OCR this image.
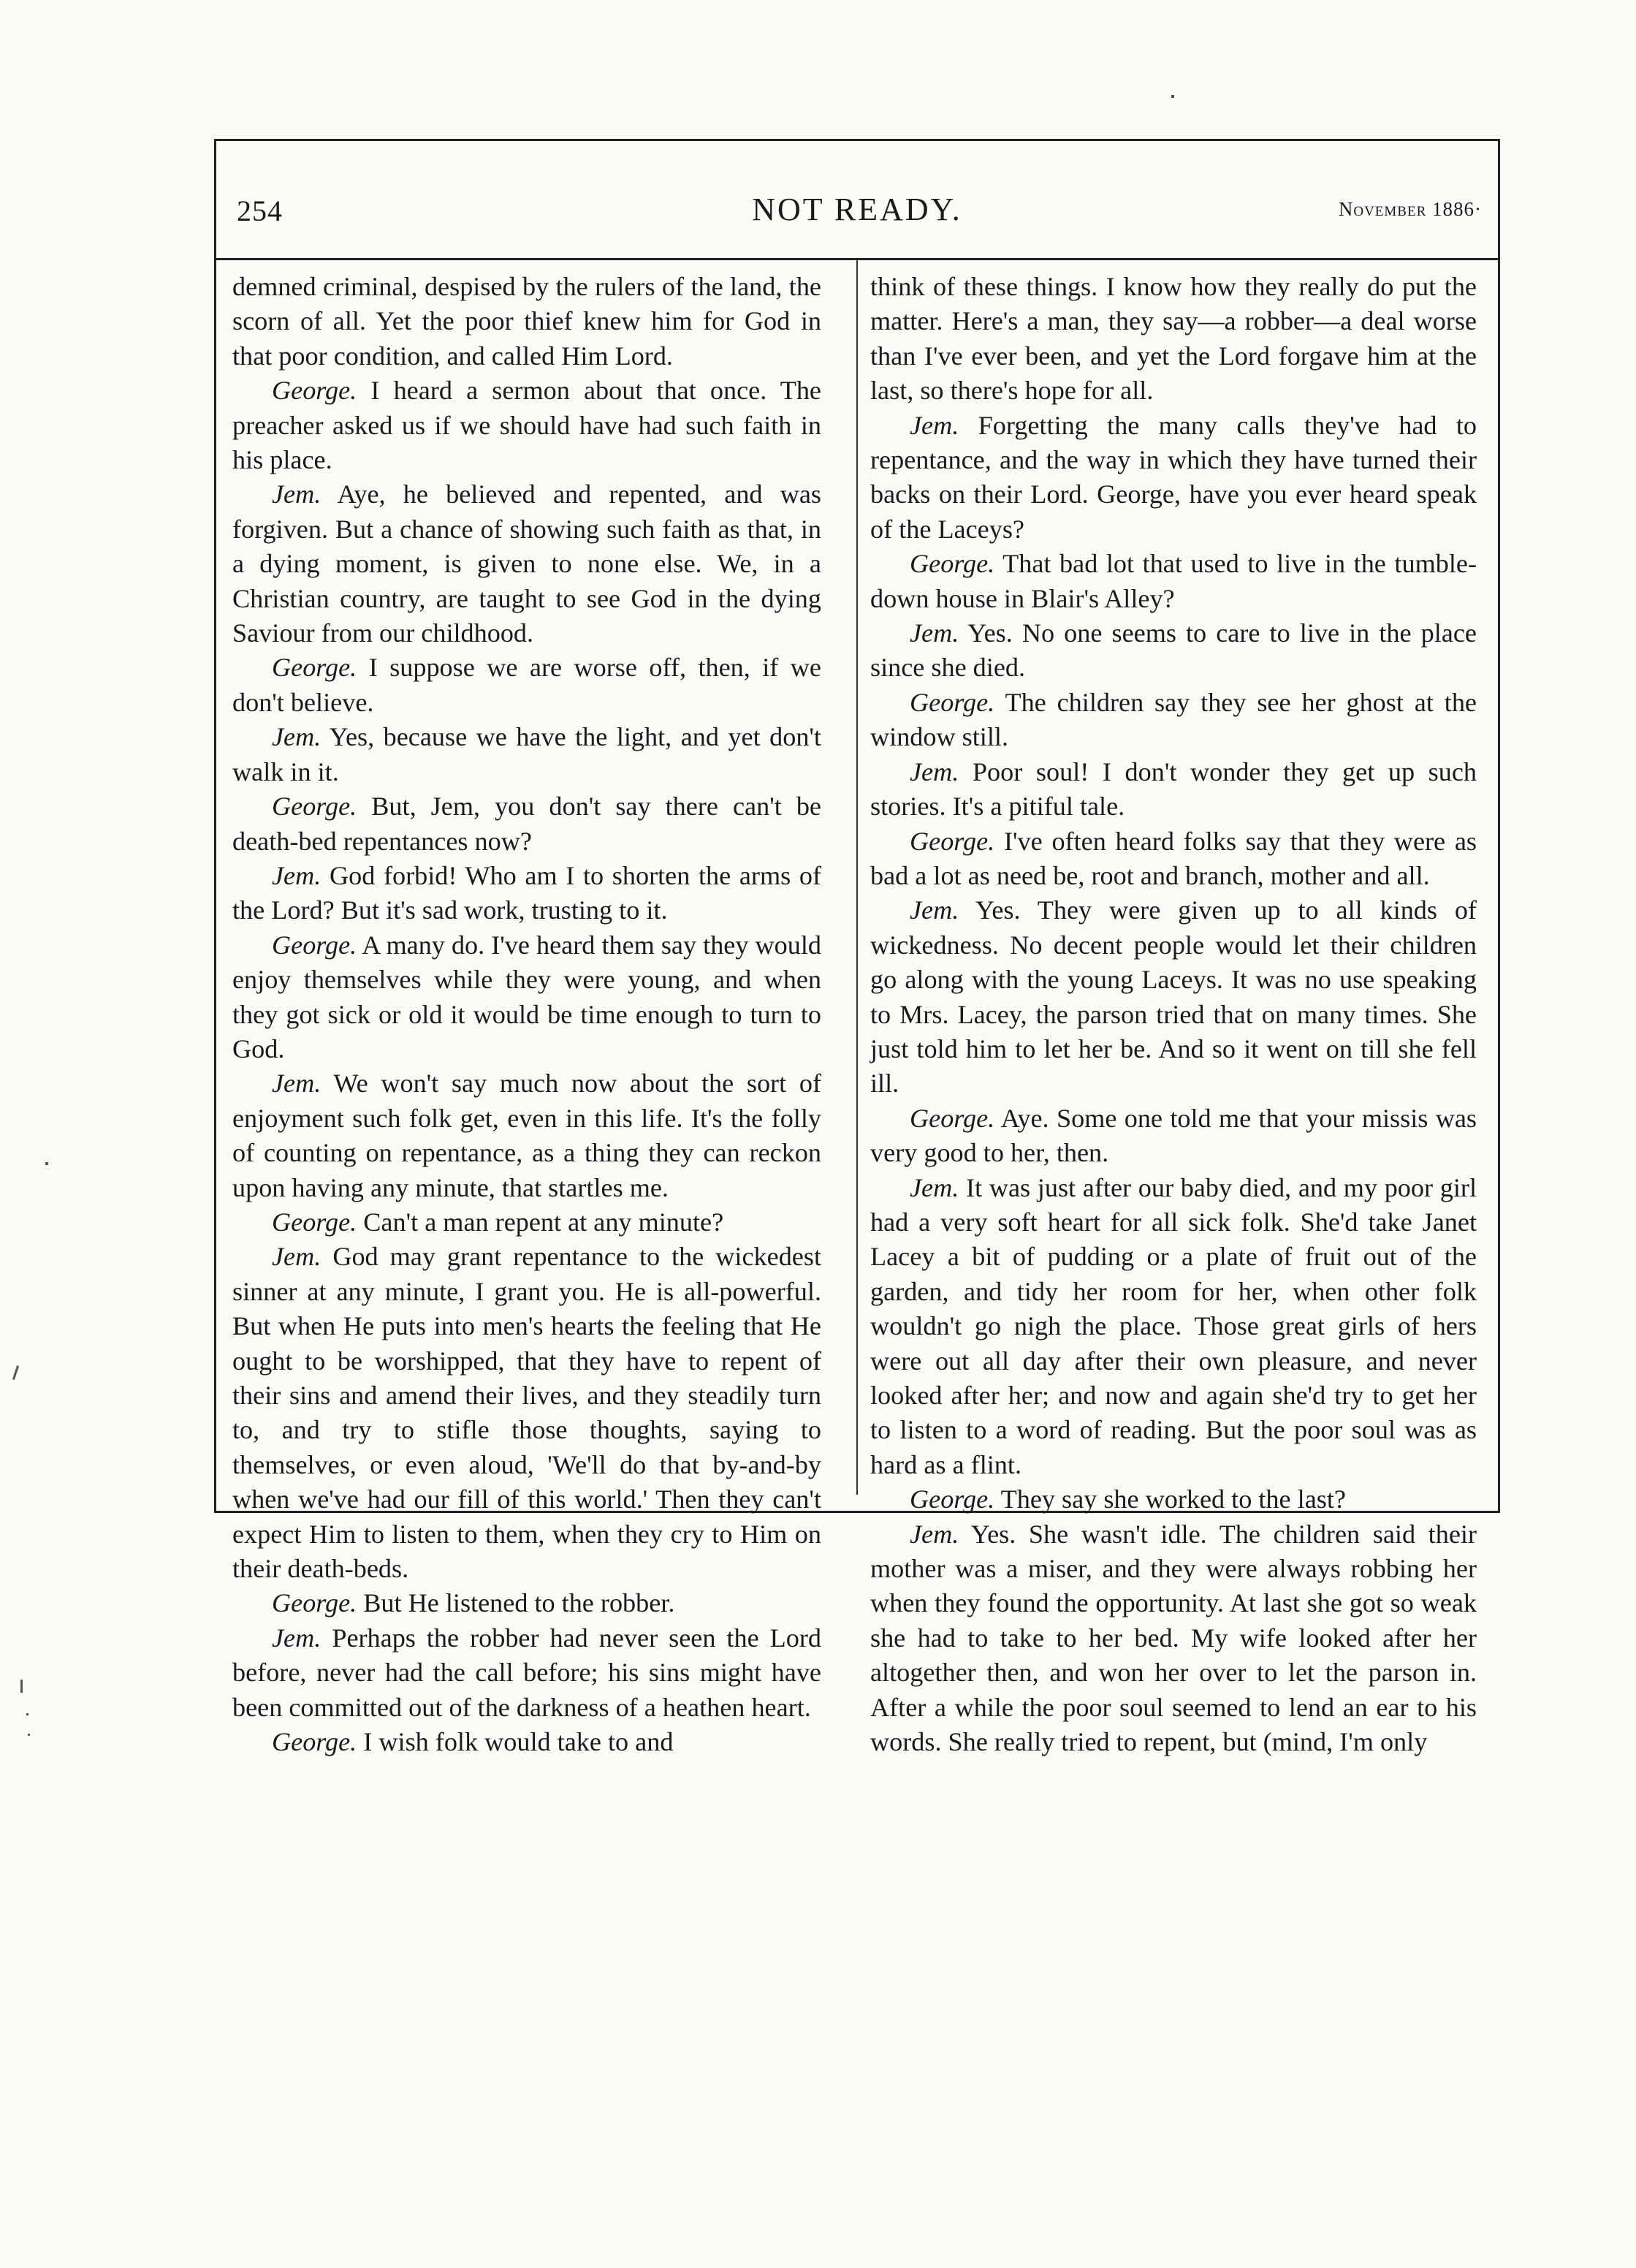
254	NOT READY.	November 1886·

demned criminal, despised by the rulers of the land, the scorn of all. Yet the poor thief knew him for God in that poor condition, and called Him Lord.

George. I heard a sermon about that once. The preacher asked us if we should have had such faith in his place.

Jem. Aye, he believed and repented, and was forgiven. But a chance of showing such faith as that, in a dying moment, is given to none else. We, in a Christian country, are taught to see God in the dying Saviour from our childhood.

George. I suppose we are worse off, then, if we don't believe.

Jem. Yes, because we have the light, and yet don't walk in it.

George. But, Jem, you don't say there can't be death-bed repentances now?

Jem. God forbid! Who am I to shorten the arms of the Lord? But it's sad work, trusting to it.

George. A many do. I've heard them say they would enjoy themselves while they were young, and when they got sick or old it would be time enough to turn to God.

Jem. We won't say much now about the sort of enjoyment such folk get, even in this life. It's the folly of counting on repentance, as a thing they can reckon upon having any minute, that startles me.

George. Can't a man repent at any minute?

Jem. God may grant repentance to the wickedest sinner at any minute, I grant you. He is all-powerful. But when He puts into men's hearts the feeling that He ought to be worshipped, that they have to repent of their sins and amend their lives, and they steadily turn to, and try to stifle those thoughts, saying to themselves, or even aloud, 'We'll do that by-and-by when we've had our fill of this world.' Then they can't expect Him to listen to them, when they cry to Him on their death-beds.

George. But He listened to the robber.

Jem. Perhaps the robber had never seen the Lord before, never had the call before; his sins might have been committed out of the darkness of a heathen heart.

George. I wish folk would take to and

think of these things. I know how they really do put the matter. Here's a man, they say—a robber—a deal worse than I've ever been, and yet the Lord forgave him at the last, so there's hope for all.

Jem. Forgetting the many calls they've had to repentance, and the way in which they have turned their backs on their Lord. George, have you ever heard speak of the Laceys?

George. That bad lot that used to live in the tumble-down house in Blair's Alley?

Jem. Yes. No one seems to care to live in the place since she died.

George. The children say they see her ghost at the window still.

Jem. Poor soul! I don't wonder they get up such stories. It's a pitiful tale.

George. I've often heard folks say that they were as bad a lot as need be, root and branch, mother and all.

Jem. Yes. They were given up to all kinds of wickedness. No decent people would let their children go along with the young Laceys. It was no use speaking to Mrs. Lacey, the parson tried that on many times. She just told him to let her be. And so it went on till she fell ill.

George. Aye. Some one told me that your missis was very good to her, then.

Jem. It was just after our baby died, and my poor girl had a very soft heart for all sick folk. She'd take Janet Lacey a bit of pudding or a plate of fruit out of the garden, and tidy her room for her, when other folk wouldn't go nigh the place. Those great girls of hers were out all day after their own pleasure, and never looked after her; and now and again she'd try to get her to listen to a word of reading. But the poor soul was as hard as a flint.

George. They say she worked to the last?

Jem. Yes. She wasn't idle. The children said their mother was a miser, and they were always robbing her when they found the opportunity. At last she got so weak she had to take to her bed. My wife looked after her altogether then, and won her over to let the parson in. After a while the poor soul seemed to lend an ear to his words. She really tried to repent, but (mind, I'm only
